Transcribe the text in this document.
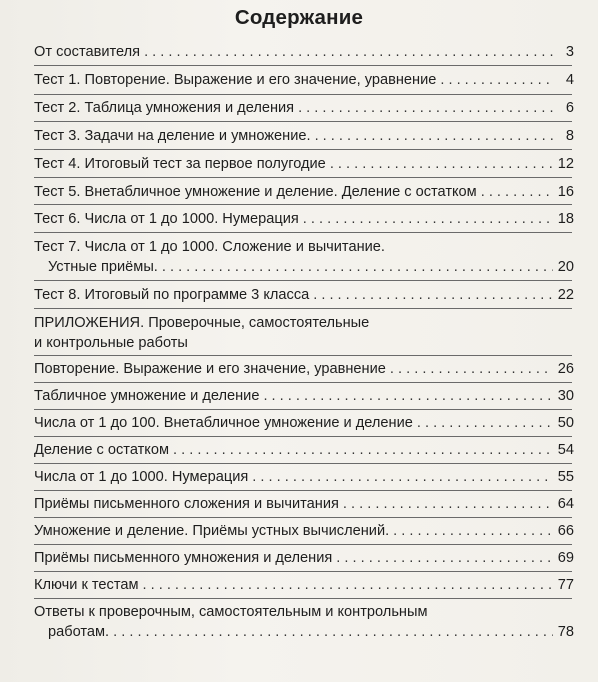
Содержание
От составителя . . .	3
Тест 1. Повторение. Выражение и его значение, уравнение . . .	4
Тест 2. Таблица умножения и деления . . .	6
Тест 3. Задачи на деление и умножение. . . .	8
Тест 4. Итоговый тест за первое полугодие . . .	12
Тест 5. Внетабличное умножение и деление. Деление с остатком . . .	16
Тест 6. Числа от 1 до 1000. Нумерация . . .	18
Тест 7. Числа от 1 до 1000. Сложение и вычитание.
Устные приёмы. . . .	20
Тест 8. Итоговый по программе 3 класса . . .	22
ПРИЛОЖЕНИЯ. Проверочные, самостоятельные
и контрольные работы
Повторение. Выражение и его значение, уравнение . . .	26
Табличное умножение и деление . . .	30
Числа от 1 до 100. Внетабличное умножение и деление . . .	50
Деление с остатком . . .	54
Числа от 1 до 1000. Нумерация . . .	55
Приёмы письменного сложения и вычитания . . .	64
Умножение и деление. Приёмы устных вычислений. . . .	66
Приёмы письменного умножения и деления . . .	69
Ключи к тестам . . .	77
Ответы к проверочным, самостоятельным и контрольным
работам. . . .	78
